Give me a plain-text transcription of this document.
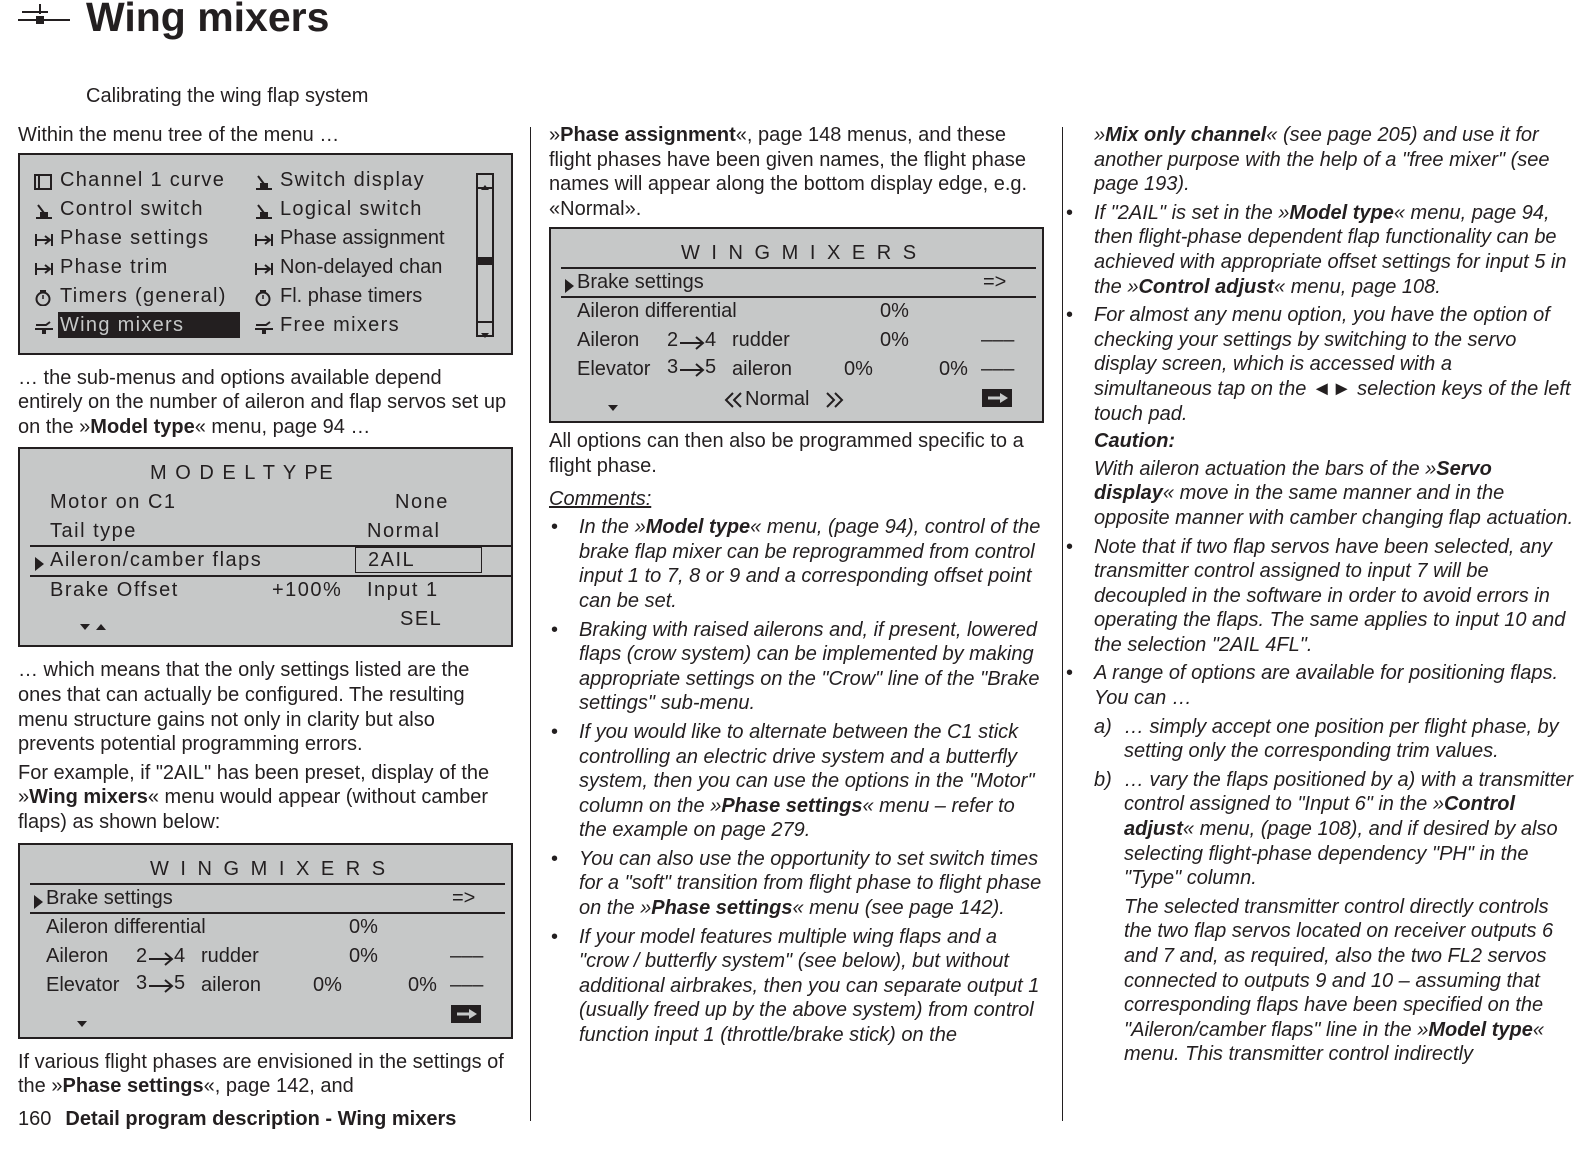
Wing mixers
Calibrating the wing flap system
Within the menu tree of the menu …
Channel 1 curve	Switch display
Control switch	Logical switch
Phase settings	Phase assignment
Phase trim	Non-delayed chan
Timers (general)	Fl. phase timers
Wing mixers	Free mixers
… the sub-menus and options available depend entirely on the number of aileron and flap servos set up on the »Model type« menu, page 94 …
M O D E L T Y PE
Motor on C1	None
Tail type	Normal
Aileron/camber flaps	2AIL
Brake Offset	+100% Input 1
SEL
… which means that the only settings listed are the ones that can actually be configured. The resulting menu structure gains not only in clarity but also prevents potential programming errors.
For example, if "2AIL" has been preset, display of the »Wing mixers« menu would appear (without camber flaps) as shown below:
W I N G M I X E R S
Brake settings	=>
Aileron differential	0%
Aileron 2 4 rudder	0%	–––
Elevator 3 5 aileron	0%	0% –––
If various flight phases are envisioned in the settings of the »Phase settings«, page 142, and
»Phase assignment«, page 148 menus, and these flight phases have been given names, the flight phase names will appear along the bottom display edge, e.g. «Normal».
W I N G M I X E R S
Brake settings	=>
Aileron differential	0%
Aileron 2 4 rudder	0%	–––
Elevator 3 5 aileron	0%	0% –––
Normal
All options can then also be programmed specific to a flight phase.
Comments:
• In the »Model type« menu, (page 94), control of the brake flap mixer can be reprogrammed from control input 1 to 7, 8 or 9 and a corresponding offset point can be set.
• Braking with raised ailerons and, if present, lowered flaps (crow system) can be implemented by making appropriate settings on the "Crow" line of the "Brake settings" sub-menu.
• If you would like to alternate between the C1 stick controlling an electric drive system and a butterfly system, then you can use the options in the "Motor" column on the »Phase settings« menu – refer to the example on page 279.
• You can also use the opportunity to set switch times for a "soft" transition from flight phase to flight phase on the »Phase settings« menu (see page 142).
• If your model features multiple wing flaps and a "crow / butterfly system" (see below), but without additional airbrakes, then you can separate output 1 (usually freed up by the above system) from control function input 1 (throttle/brake stick) on the
»Mix only channel« (see page 205) and use it for another purpose with the help of a "free mixer" (see page 193).
• If "2AIL" is set in the »Model type« menu, page 94, then flight-phase dependent flap functionality can be achieved with appropriate offset settings for input 5 in the »Control adjust« menu, page 108.
• For almost any menu option, you have the option of checking your settings by switching to the servo display screen, which is accessed with a simultaneous tap on the ◄► selection keys of the left touch pad.
Caution:
With aileron actuation the bars of the »Servo display« move in the same manner and in the opposite manner with camber changing flap actuation.
• Note that if two flap servos have been selected, any transmitter control assigned to input 7 will be decoupled in the software in order to avoid errors in operating the flaps. The same applies to input 10 and the selection "2AIL 4FL".
• A range of options are available for positioning flaps. You can …
a) … simply accept one position per flight phase, by setting only the corresponding trim values.
b) … vary the flaps positioned by a) with a transmitter control assigned to "Input 6" in the »Control adjust« menu, (page 108), and if desired by also selecting flight-phase dependency "PH" in the "Type" column.
The selected transmitter control directly controls the two flap servos located on receiver outputs 6 and 7 and, as required, also the two FL2 servos connected to outputs 9 and 10 – assuming that corresponding flaps have been specified on the "Aileron/camber flaps" line in the »Model type« menu. This transmitter control indirectly
160 Detail program description - Wing mixers
